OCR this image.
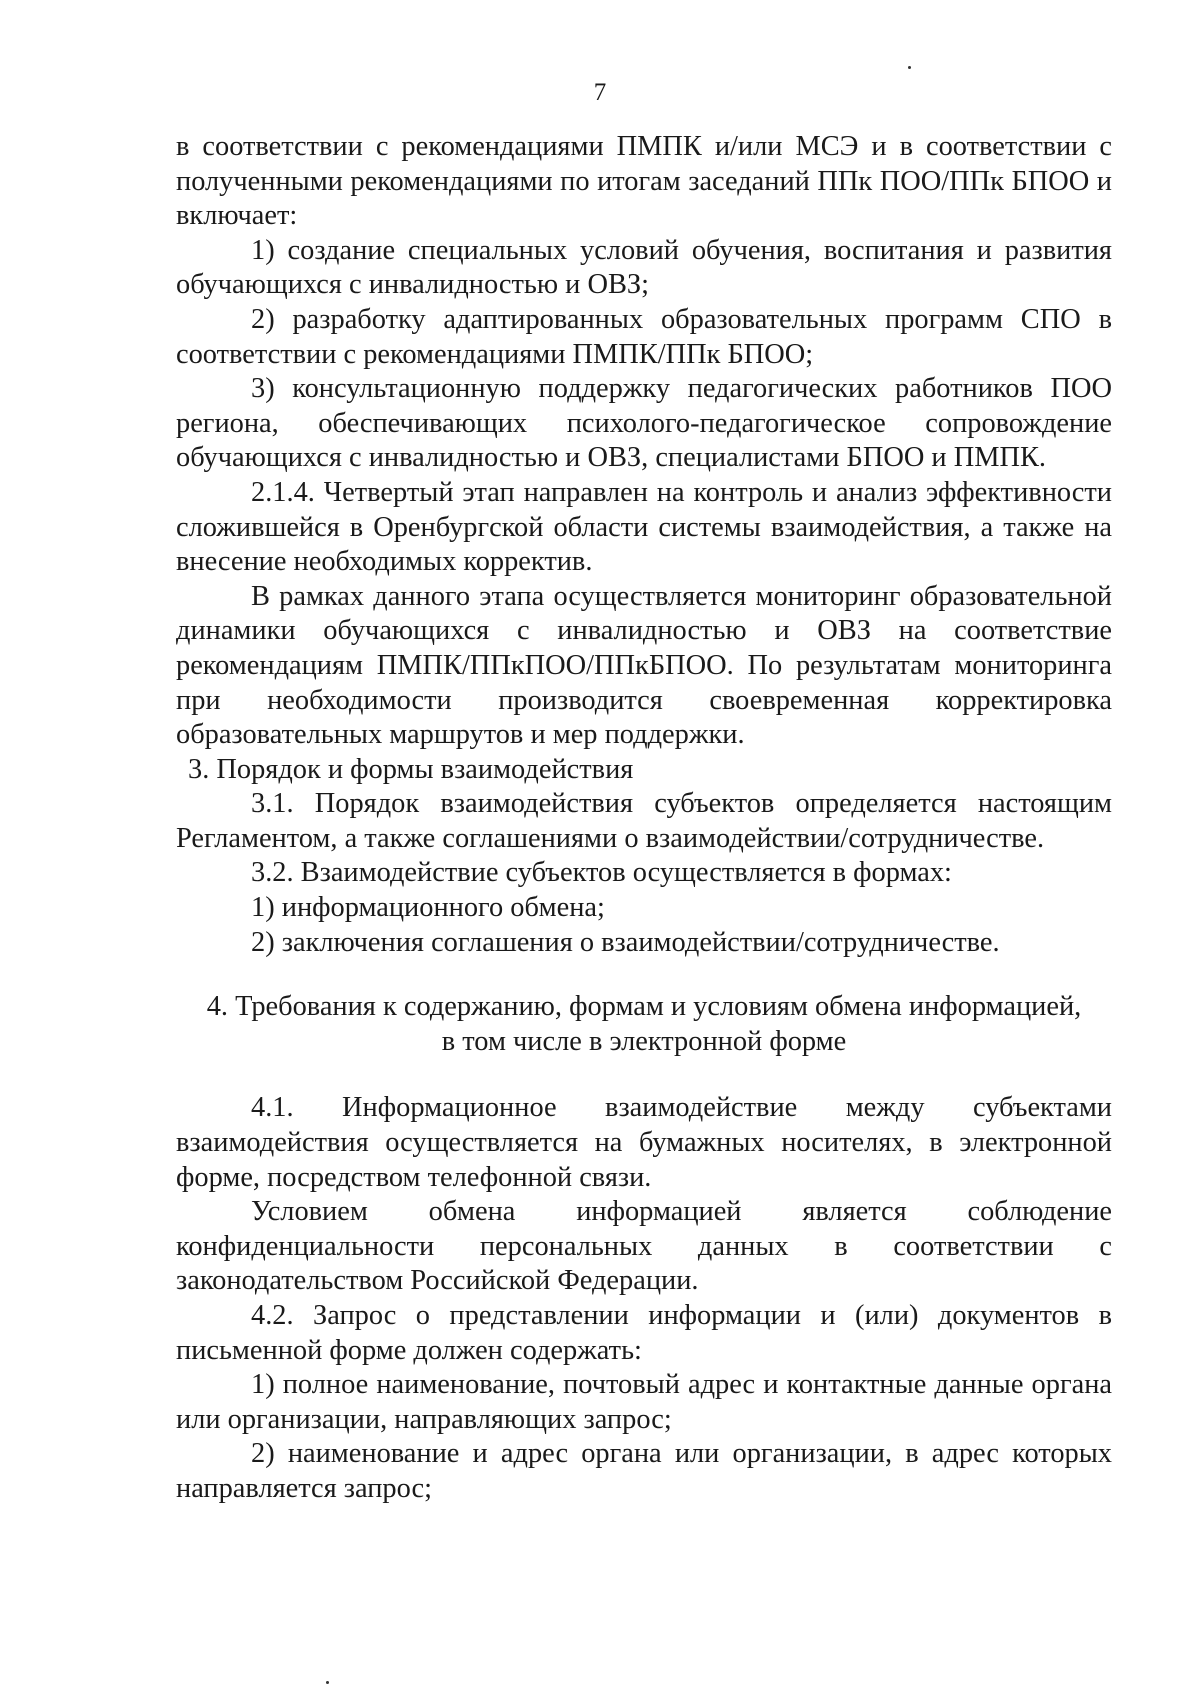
7

в соответствии с рекомендациями ПМПК и/или МСЭ и в соответствии с полученными рекомендациями по итогам заседаний ППк ПОО/ППк БПОО и включает:

1) создание специальных условий обучения, воспитания и развития обучающихся с инвалидностью и ОВЗ;

2) разработку адаптированных образовательных программ СПО в соответствии с рекомендациями ПМПК/ППк БПОО;

3) консультационную поддержку педагогических работников ПОО региона, обеспечивающих психолого-педагогическое сопровождение обучающихся с инвалидностью и ОВЗ, специалистами БПОО и ПМПК.

2.1.4. Четвертый этап направлен на контроль и анализ эффективности сложившейся в Оренбургской области системы взаимодействия, а также на внесение необходимых корректив.

В рамках данного этапа осуществляется мониторинг образовательной динамики обучающихся с инвалидностью и ОВЗ на соответствие рекомендациям ПМПК/ППкПОО/ППкБПОО. По результатам мониторинга при необходимости производится своевременная корректировка образовательных маршрутов и мер поддержки.

3. Порядок и формы взаимодействия

3.1. Порядок взаимодействия субъектов определяется настоящим Регламентом, а также соглашениями о взаимодействии/сотрудничестве.

3.2. Взаимодействие субъектов осуществляется в формах:

1) информационного обмена;

2) заключения соглашения о взаимодействии/сотрудничестве.

4. Требования к содержанию, формам и условиям обмена информацией,
в том числе в электронной форме

4.1. Информационное взаимодействие между субъектами взаимодействия осуществляется на бумажных носителях, в электронной форме, посредством телефонной связи.

Условием обмена информацией является соблюдение конфиденциальности персональных данных в соответствии с законодательством Российской Федерации.

4.2. Запрос о представлении информации и (или) документов в письменной форме должен содержать:

1) полное наименование, почтовый адрес и контактные данные органа или организации, направляющих запрос;

2) наименование и адрес органа или организации, в адрес которых направляется запрос;
